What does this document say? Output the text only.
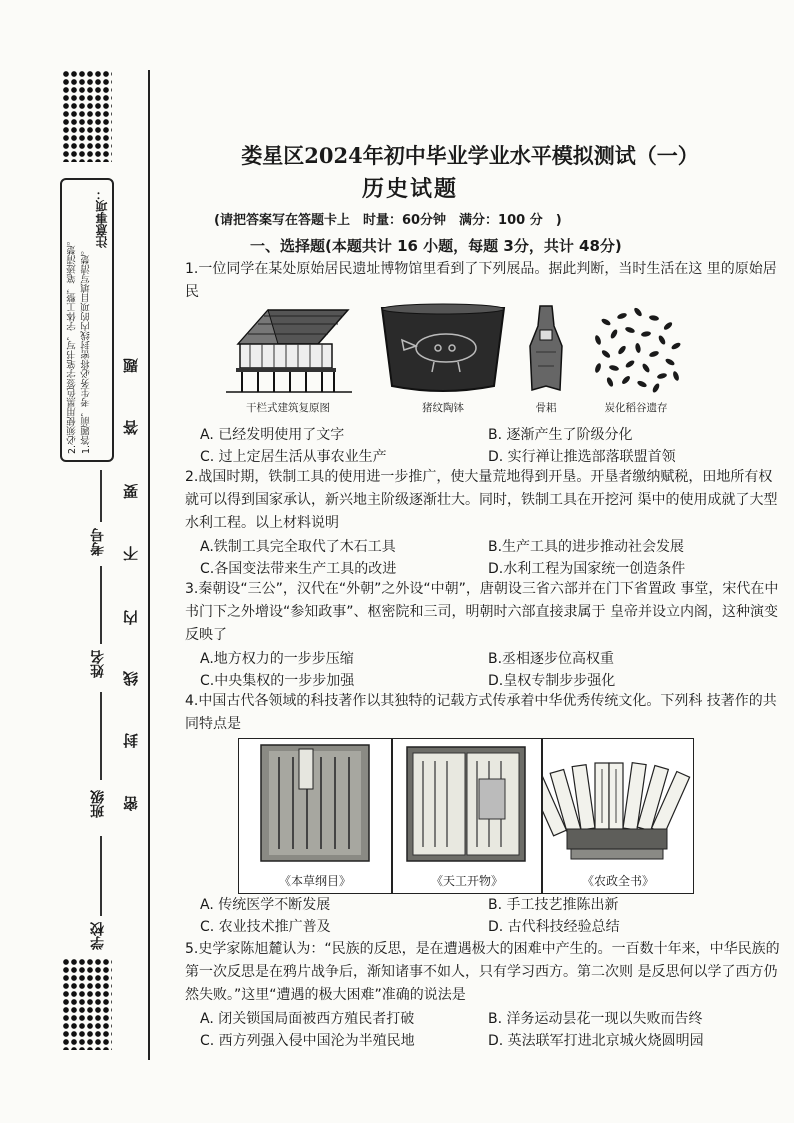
注意事项：
1.答题前，考生务必将密封线内的项目填写清楚。
2.必须使用黑色签字笔书写，字体工整，笔迹清楚。
学校
班级
姓名
考号
密
封
线
内
不
要
答
题
娄星区2024年初中毕业学业水平模拟测试（一）
历史试题
(请把答案写在答题卡上　时量：60分钟　满分：100 分　)
一、选择题(本题共计 16 小题，每题 3分，共计 48分)
1.一位同学在某处原始居民遗址博物馆里看到了下列展品。据此判断，当时生活在这 里的原始居民
干栏式建筑复原图	猪纹陶钵	骨耜	炭化稻谷遗存
A. 已经发明使用了文字	B. 逐渐产生了阶级分化
C. 过上定居生活从事农业生产	D. 实行禅让推选部落联盟首领
2.战国时期，铁制工具的使用进一步推广，使大量荒地得到开垦。开垦者缴纳赋税，田地所有权就可以得到国家承认，新兴地主阶级逐渐壮大。同时，铁制工具在开挖河 渠中的使用成就了大型水利工程。以上材料说明
A.铁制工具完全取代了木石工具	B.生产工具的进步推动社会发展
C.各国变法带来生产工具的改进	D.水利工程为国家统一创造条件
3.秦朝设“三公”，汉代在“外朝”之外设“中朝”，唐朝设三省六部并在门下省置政 事堂，宋代在中书门下之外增设“参知政事”、枢密院和三司，明朝时六部直接隶属于 皇帝并设立内阁，这种演变反映了
A.地方权力的一步步压缩	B.丞相逐步位高权重
C.中央集权的一步步加强	D.皇权专制步步强化
4.中国古代各领域的科技著作以其独特的记载方式传承着中华优秀传统文化。下列科 技著作的共同特点是
《本草纲目》	《天工开物》	《农政全书》
A. 传统医学不断发展	B. 手工技艺推陈出新
C. 农业技术推广普及	D. 古代科技经验总结
5.史学家陈旭麓认为：“民族的反思，是在遭遇极大的困难中产生的。一百数十年来，中华民族的第一次反思是在鸦片战争后，渐知诸事不如人，只有学习西方。第二次则 是反思何以学了西方仍然失败。”这里“遭遇的极大困难”准确的说法是
A. 闭关锁国局面被西方殖民者打破	B. 洋务运动昙花一现以失败而告终
C. 西方列强入侵中国沦为半殖民地	D. 英法联军打进北京城火烧圆明园
